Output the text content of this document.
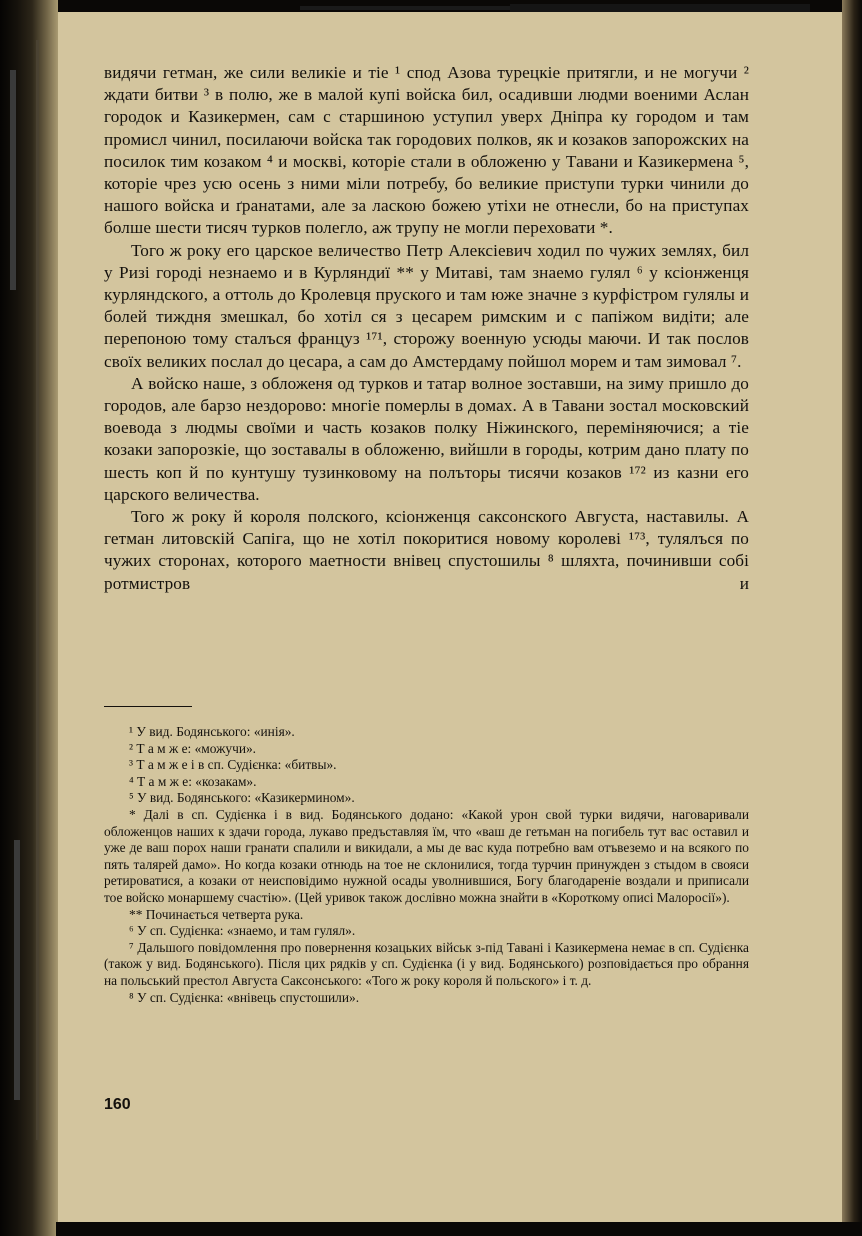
видячи гетман, же сили великіе и тіе ¹ спод Азова турецкіе притягли, и не могучи ² ждати битви ³ в полю, же в малой купі войска бил, осадивши людми военими Аслан городок и Казикермен, сам с старшиною уступил уверх Днiпра ку городом и там промисл чинил, посилаючи войска так городових полков, як и козаков запорожских на посилок тим козаком ⁴ и москві, которіе стали в обложеню у Тавани и Казикермена ⁵, которіе чрез усю осень з ними мiли потребу, бо великие приступи турки чинили до нашого войска и ґранатами, але за ласкою божею утiхи не отнесли, бо на приступах болше шести тисяч турков полегло, аж трупу не могли переховати *.

Того ж року его царское величество Петр Алексiевич ходил по чужих землях, бил у Ризі городі незнаемо и в Курляндиї ** у Митаві, там знаемо гулял ⁶ у ксіонженця курляндского, а оттоль до Кролевця пруского и там юже значне з курфiстром гулялы и болей тиждня змешкал, бо хотiл ся з цесарем римским и с папiжом видiти; але перепоною тому сталъся француз ¹⁷¹, сторожу военную усюды маючи. И так послов своїх великих послал до цесара, а сам до Амстердаму пойшол морем и там зимовал ⁷.

А войско наше, з обложеня од турков и татар волное зоставши, на зиму пришло до городов, але барзо нездорово: многіе померлы в домах. А в Тавани зостал московский воевода з людмы своїми и часть козаков полку Нiжинского, перемiняючися; а тіе козаки запорозкіе, що зоставалы в обложеню, вийшли в городы, котрим дано плату по шесть коп й по кунтушу тузинковому на полъторы тисячи козаков ¹⁷² из казни его царского величества.

Того ж року й короля полского, ксіонженця саксонского Августа, наставилы. А гетман литовскій Сапiга, що не хотiл покоритися новому королеві ¹⁷³, тулялъся по чужих сторонах, которого маетности внiвец спустошилы ⁸ шляхта, починивши собі ротмистров и

¹ У вид. Бодянського: «инія».

² Т а м ж е: «можучи».

³ Т а м ж е і в сп. Судієнка: «битвы».

⁴ Т а м ж е: «козакам».

⁵ У вид. Бодянського: «Казикермином».

* Далі в сп. Судієнка і в вид. Бодянського додано: «Какой урон свой турки видячи, наговаривали обложенцов наших к здачи города, лукаво предъставляя їм, что «ваш де гетьман на погибель тут вас оставил и уже де ваш порох наши гранати спалили и викидали, а мы де вас куда потребно вам отъвеземо и на всякого по пять талярей дамо». Но когда козаки отнюдь на тое не склонилися, тогда турчин принужден з стыдом в свояси ретироватися, а козаки от неисповідимо нужной осады уволнившися, Богу благодареніе воздали и приписали тое войско монаршему счастію». (Цей уривок також дослівно можна знайти в «Короткому описі Малоросії»).

** Починається четверта рука.

⁶ У сп. Судієнка: «знаемо, и там гулял».

⁷ Дальшого повідомлення про повернення козацьких військ з-під Тавані і Казикермена немає в сп. Судієнка (також у вид. Бодянського). Після цих рядків у сп. Судієнка (і у вид. Бодянського) розповідається про обрання на польський престол Августа Саксонського: «Того ж року короля й польского» і т. д.

⁸ У сп. Судієнка: «внівець спустошили».

160
